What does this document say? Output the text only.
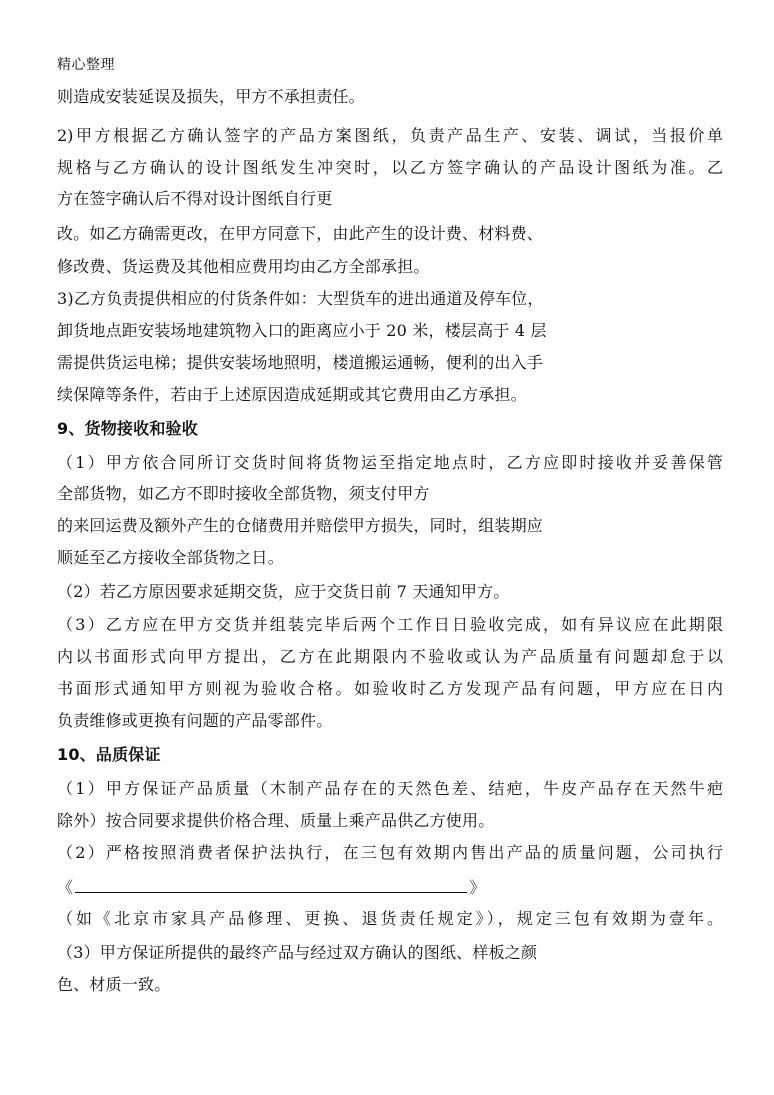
精心整理
则造成安装延误及损失，甲方不承担责任。
2)甲方根据乙方确认签字的产品方案图纸，负责产品生产、安装、调试，当报价单
规格与乙方确认的设计图纸发生冲突时，以乙方签字确认的产品设计图纸为准。乙
方在签字确认后不得对设计图纸自行更
改。如乙方确需更改，在甲方同意下，由此产生的设计费、材料费、
修改费、货运费及其他相应费用均由乙方全部承担。
3)乙方负责提供相应的付货条件如：大型货车的进出通道及停车位，
卸货地点距安装场地建筑物入口的距离应小于 20 米，楼层高于 4 层
需提供货运电梯；提供安装场地照明，楼道搬运通畅，便利的出入手
续保障等条件，若由于上述原因造成延期或其它费用由乙方承担。
9、货物接收和验收
（1）甲方依合同所订交货时间将货物运至指定地点时，乙方应即时接收并妥善保管
全部货物，如乙方不即时接收全部货物，须支付甲方
的来回运费及额外产生的仓储费用并赔偿甲方损失，同时，组装期应
顺延至乙方接收全部货物之日。
（2）若乙方原因要求延期交货，应于交货日前 7 天通知甲方。
（3）乙方应在甲方交货并组装完毕后两个工作日日验收完成，如有异议应在此期限
内以书面形式向甲方提出，乙方在此期限内不验收或认为产品质量有问题却怠于以
书面形式通知甲方则视为验收合格。如验收时乙方发现产品有问题，甲方应在日内
负责维修或更换有问题的产品零部件。
10、品质保证
（1）甲方保证产品质量（木制产品存在的天然色差、结疤，牛皮产品存在天然牛疤
除外）按合同要求提供价格合理、质量上乘产品供乙方使用。
（2）严格按照消费者保护法执行，在三包有效期内售出产品的质量问题，公司执行
《	》
（如《北京市家具产品修理、更换、退货责任规定》），规定三包有效期为壹年。
（3）甲方保证所提供的最终产品与经过双方确认的图纸、样板之颜
色、材质一致。
